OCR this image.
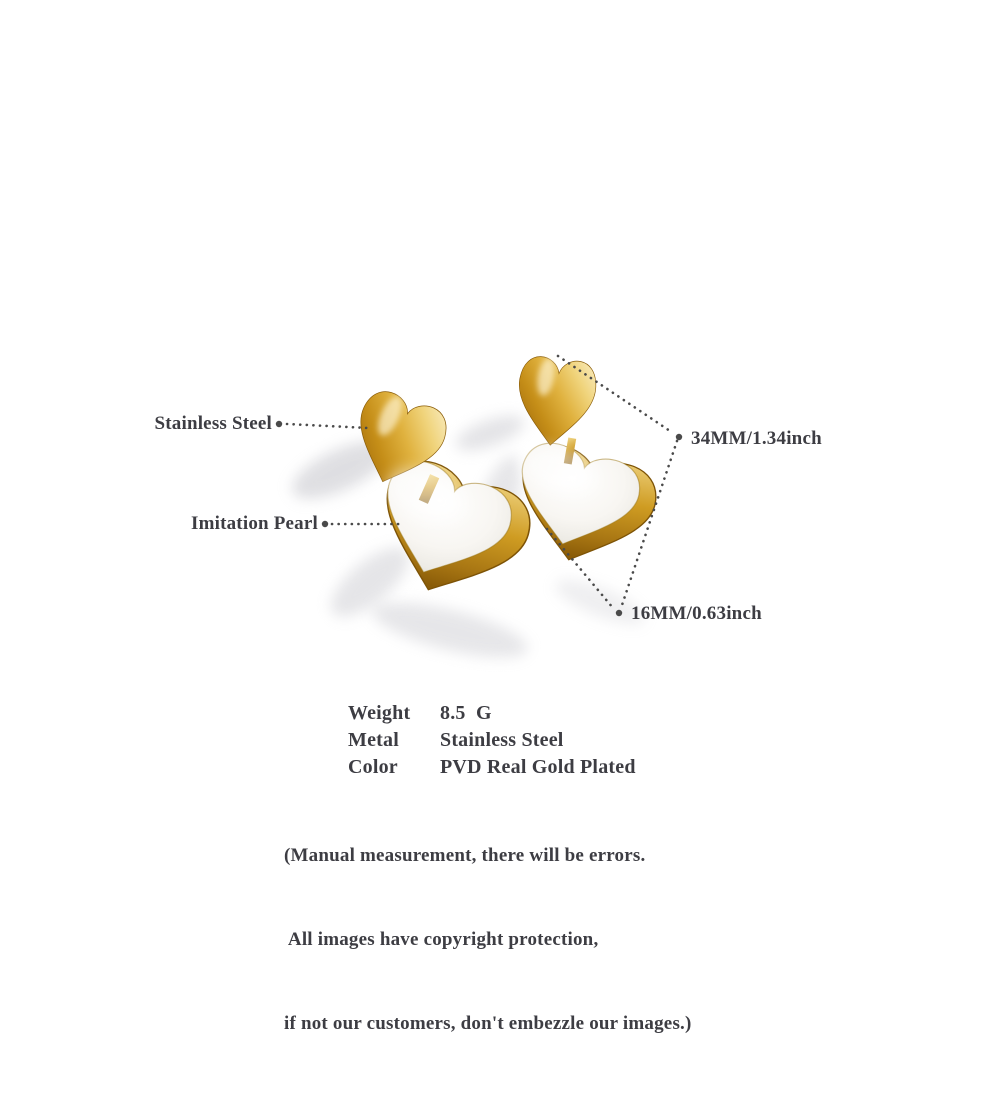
Stainless Steel
Imitation Pearl
34MM/1.34inch
16MM/0.63inch
Weight	8.5  G
Metal	Stainless Steel
Color	PVD Real Gold Plated

(Manual measurement, there will be errors.

All images have copyright protection,

if not our customers, don't embezzle our images.)
